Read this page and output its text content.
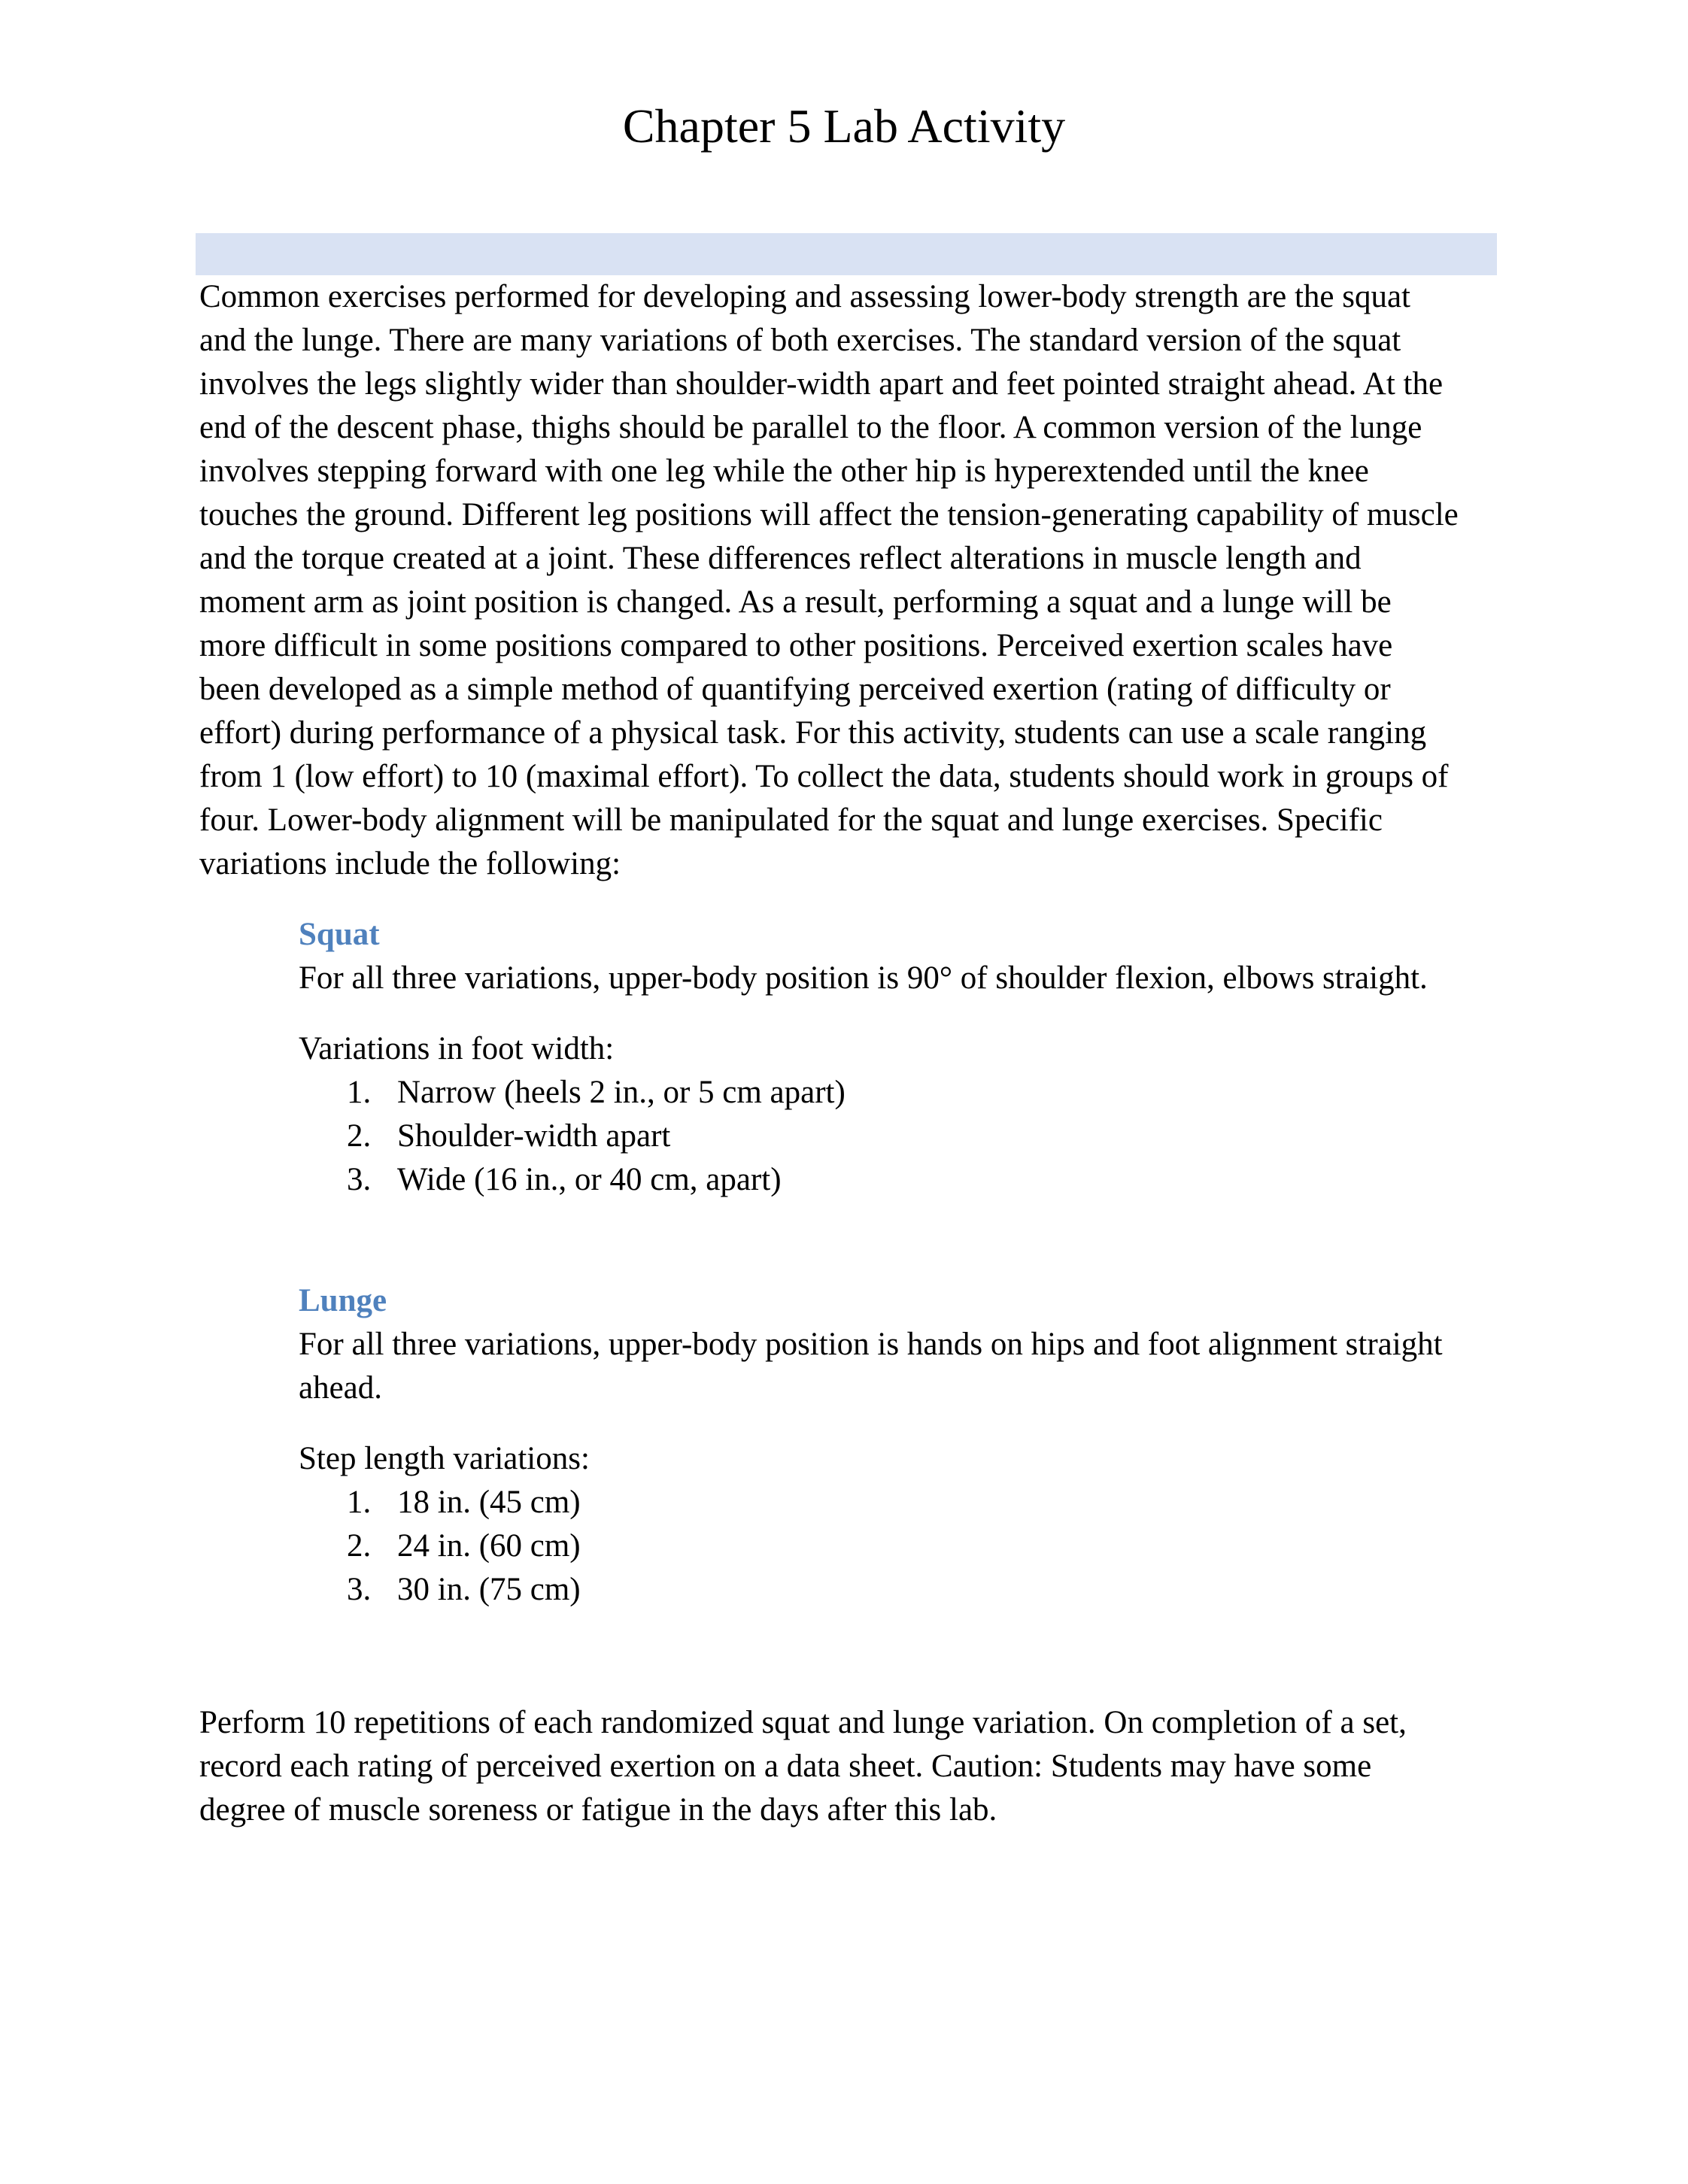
Chapter 5 Lab Activity
Common exercises performed for developing and assessing lower-body strength are the squat
and the lunge. There are many variations of both exercises. The standard version of the squat
involves the legs slightly wider than shoulder-width apart and feet pointed straight ahead. At the
end of the descent phase, thighs should be parallel to the floor. A common version of the lunge
involves stepping forward with one leg while the other hip is hyperextended until the knee
touches the ground. Different leg positions will affect the tension-generating capability of muscle
and the torque created at a joint. These differences reflect alterations in muscle length and
moment arm as joint position is changed. As a result, performing a squat and a lunge will be
more difficult in some positions compared to other positions. Perceived exertion scales have
been developed as a simple method of quantifying perceived exertion (rating of difficulty or
effort) during performance of a physical task. For this activity, students can use a scale ranging
from 1 (low effort) to 10 (maximal effort). To collect the data, students should work in groups of
four. Lower-body alignment will be manipulated for the squat and lunge exercises. Specific
variations include the following:
Squat
For all three variations, upper-body position is 90° of shoulder flexion, elbows straight.
Variations in foot width:
1. Narrow (heels 2 in., or 5 cm apart)
2. Shoulder-width apart
3. Wide (16 in., or 40 cm, apart)
Lunge
For all three variations, upper-body position is hands on hips and foot alignment straight
ahead.
Step length variations:
1. 18 in. (45 cm)
2. 24 in. (60 cm)
3. 30 in. (75 cm)
Perform 10 repetitions of each randomized squat and lunge variation. On completion of a set,
record each rating of perceived exertion on a data sheet. Caution: Students may have some
degree of muscle soreness or fatigue in the days after this lab.
